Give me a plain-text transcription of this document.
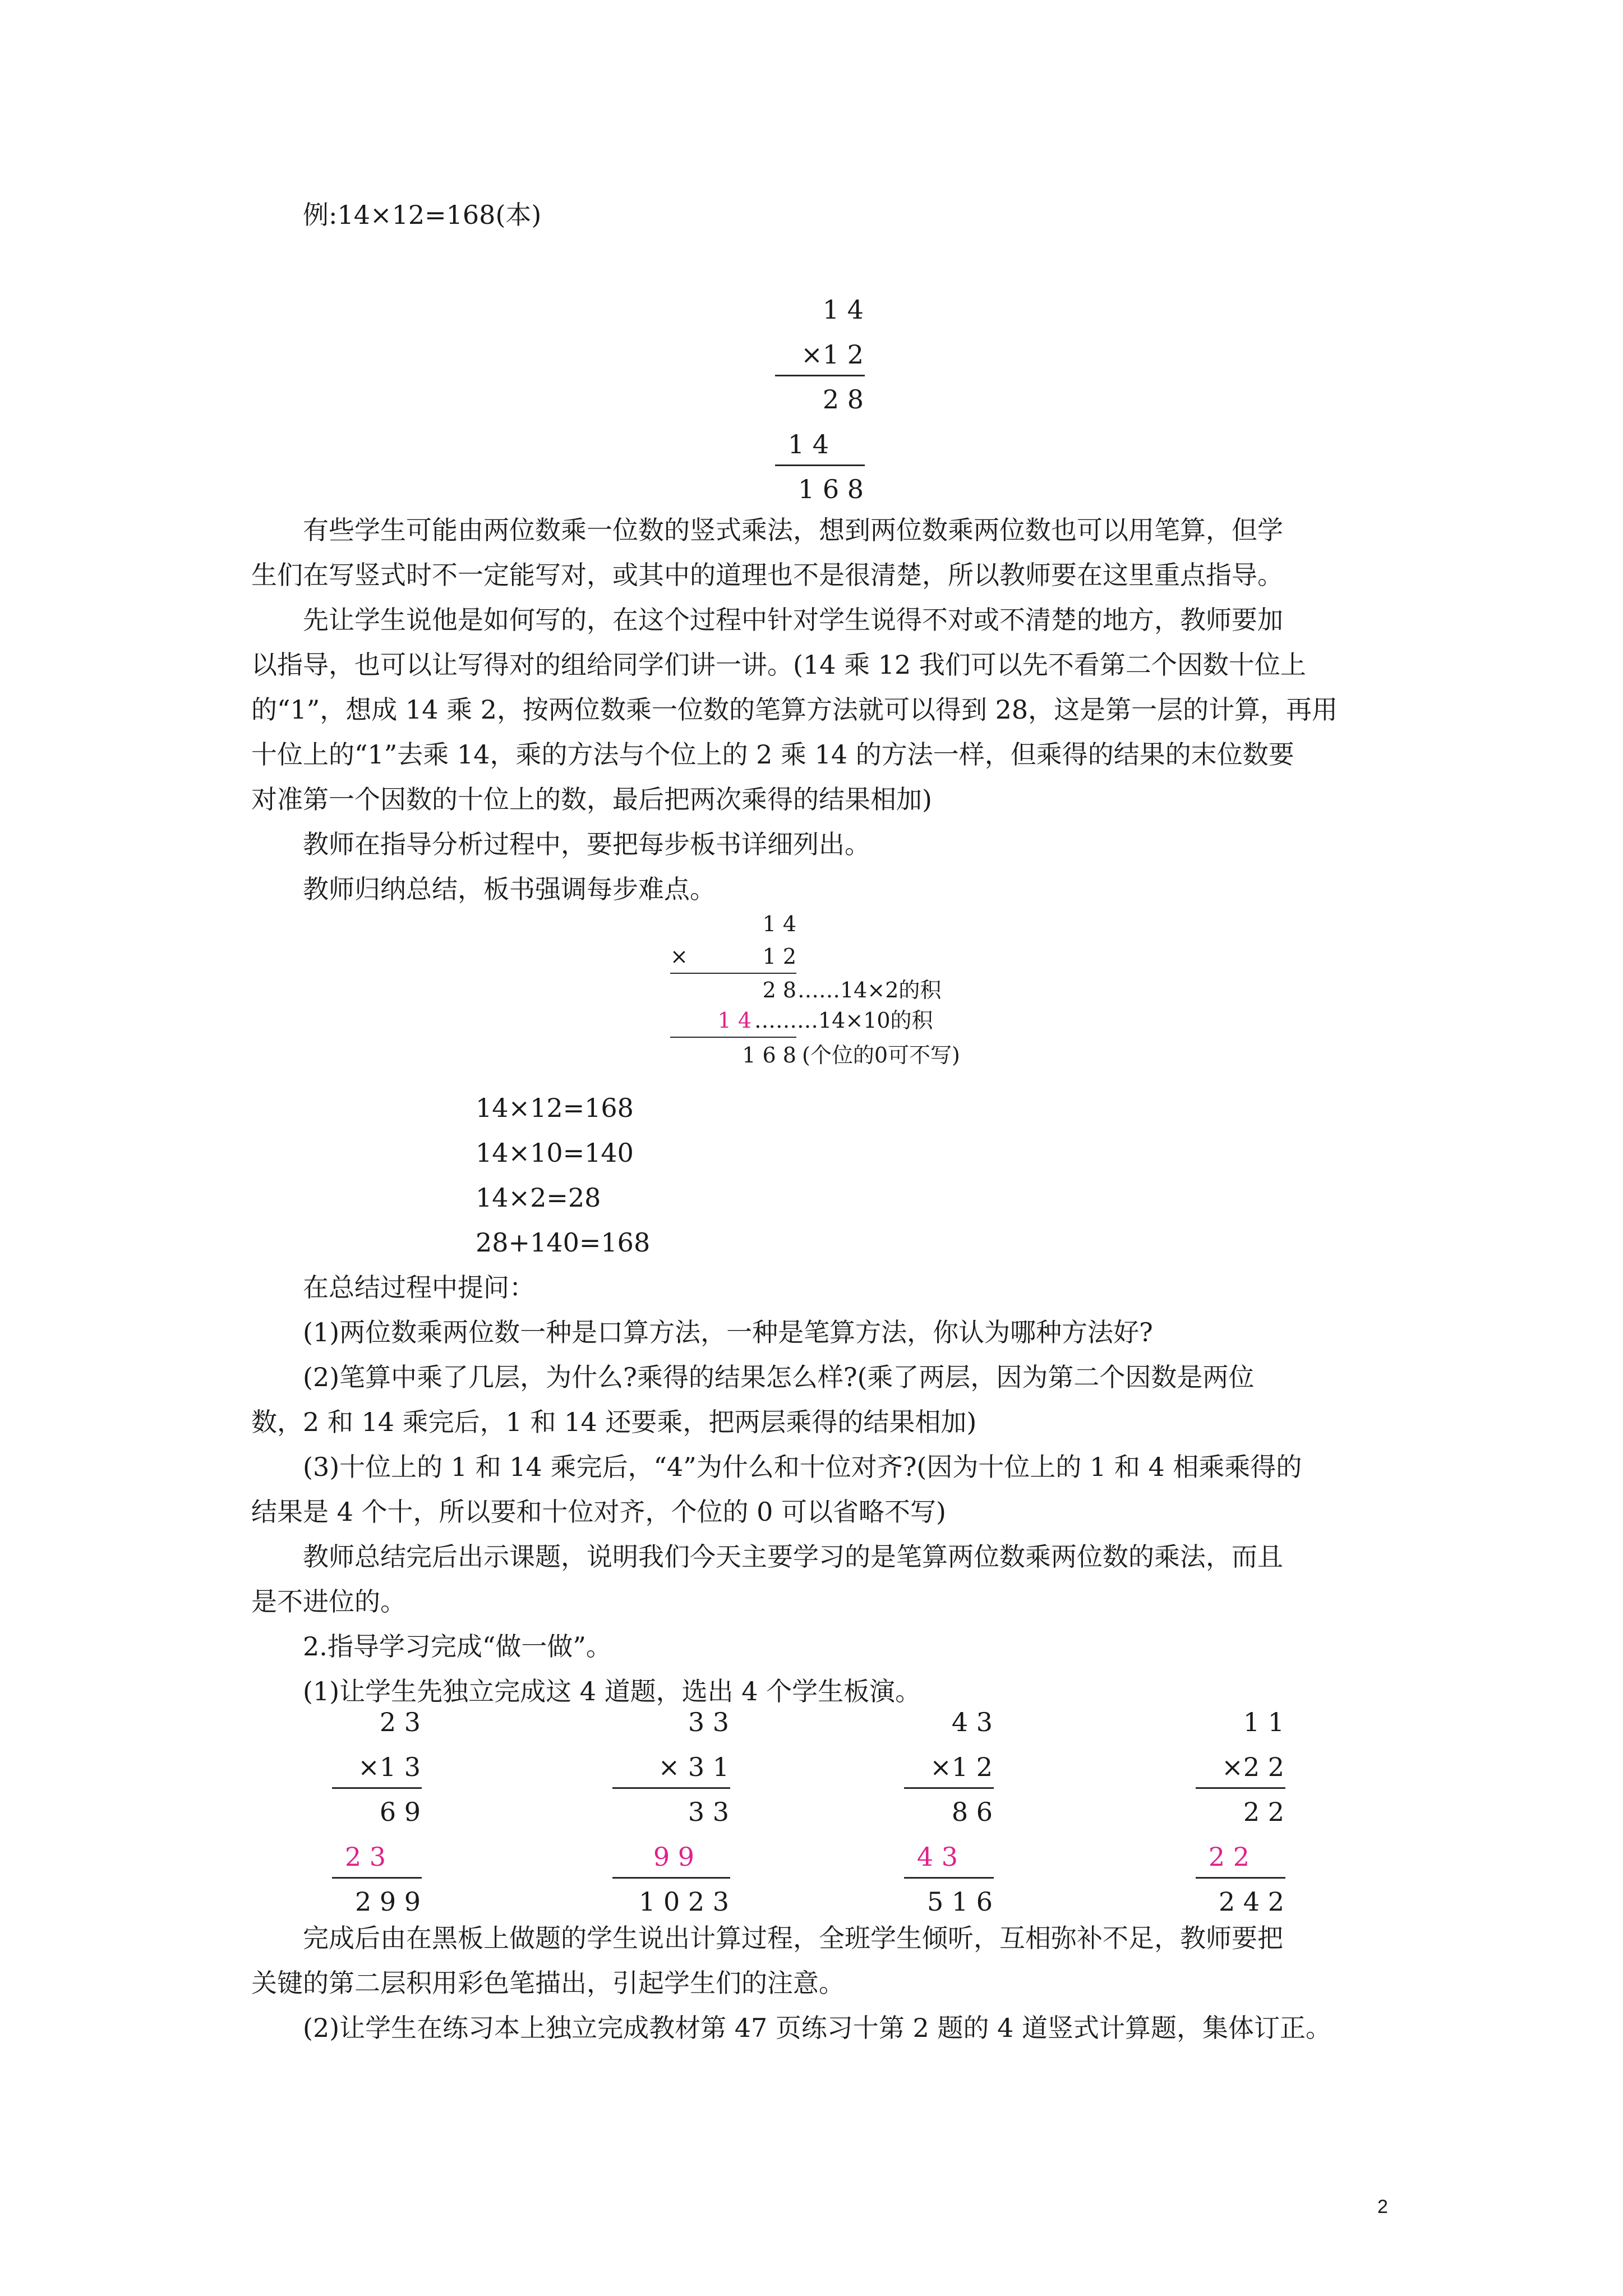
例:14×12=168(本)
1 4
×1 2
2 8
1 4
1 6 8
有些学生可能由两位数乘一位数的竖式乘法，想到两位数乘两位数也可以用笔算，但学
生们在写竖式时不一定能写对，或其中的道理也不是很清楚，所以教师要在这里重点指导。
先让学生说他是如何写的，在这个过程中针对学生说得不对或不清楚的地方，教师要加
以指导，也可以让写得对的组给同学们讲一讲。(14 乘 12 我们可以先不看第二个因数十位上
的“1”，想成 14 乘 2，按两位数乘一位数的笔算方法就可以得到 28，这是第一层的计算，再用
十位上的“1”去乘 14，乘的方法与个位上的 2 乘 14 的方法一样，但乘得的结果的末位数要
对准第一个因数的十位上的数，最后把两次乘得的结果相加)
教师在指导分析过程中，要把每步板书详细列出。
教师归纳总结，板书强调每步难点。
1 4
×	1 2
2 8 ……14×2的积
1 4 ………14×10的积
1 6 8 (个位的0可不写)
14×12=168
14×10=140
14×2=28
28+140=168
在总结过程中提问：
(1)两位数乘两位数一种是口算方法，一种是笔算方法，你认为哪种方法好?
(2)笔算中乘了几层，为什么?乘得的结果怎么样?(乘了两层，因为第二个因数是两位
数，2 和 14 乘完后，1 和 14 还要乘，把两层乘得的结果相加)
(3)十位上的 1 和 14 乘完后，“4”为什么和十位对齐?(因为十位上的 1 和 4 相乘乘得的
结果是 4 个十，所以要和十位对齐，个位的 0 可以省略不写)
教师总结完后出示课题，说明我们今天主要学习的是笔算两位数乘两位数的乘法，而且
是不进位的。
2.指导学习完成“做一做”。
(1)让学生先独立完成这 4 道题，选出 4 个学生板演。
2 3
×1 3
6 9
2 3
2 9 9
3 3
× 3 1
3 3
9 9
1 0 2 3
4 3
×1 2
8 6
4 3
5 1 6
1 1
×2 2
2 2
2 2
2 4 2
完成后由在黑板上做题的学生说出计算过程，全班学生倾听，互相弥补不足，教师要把
关键的第二层积用彩色笔描出，引起学生们的注意。
(2)让学生在练习本上独立完成教材第 47 页练习十第 2 题的 4 道竖式计算题，集体订正。
2
